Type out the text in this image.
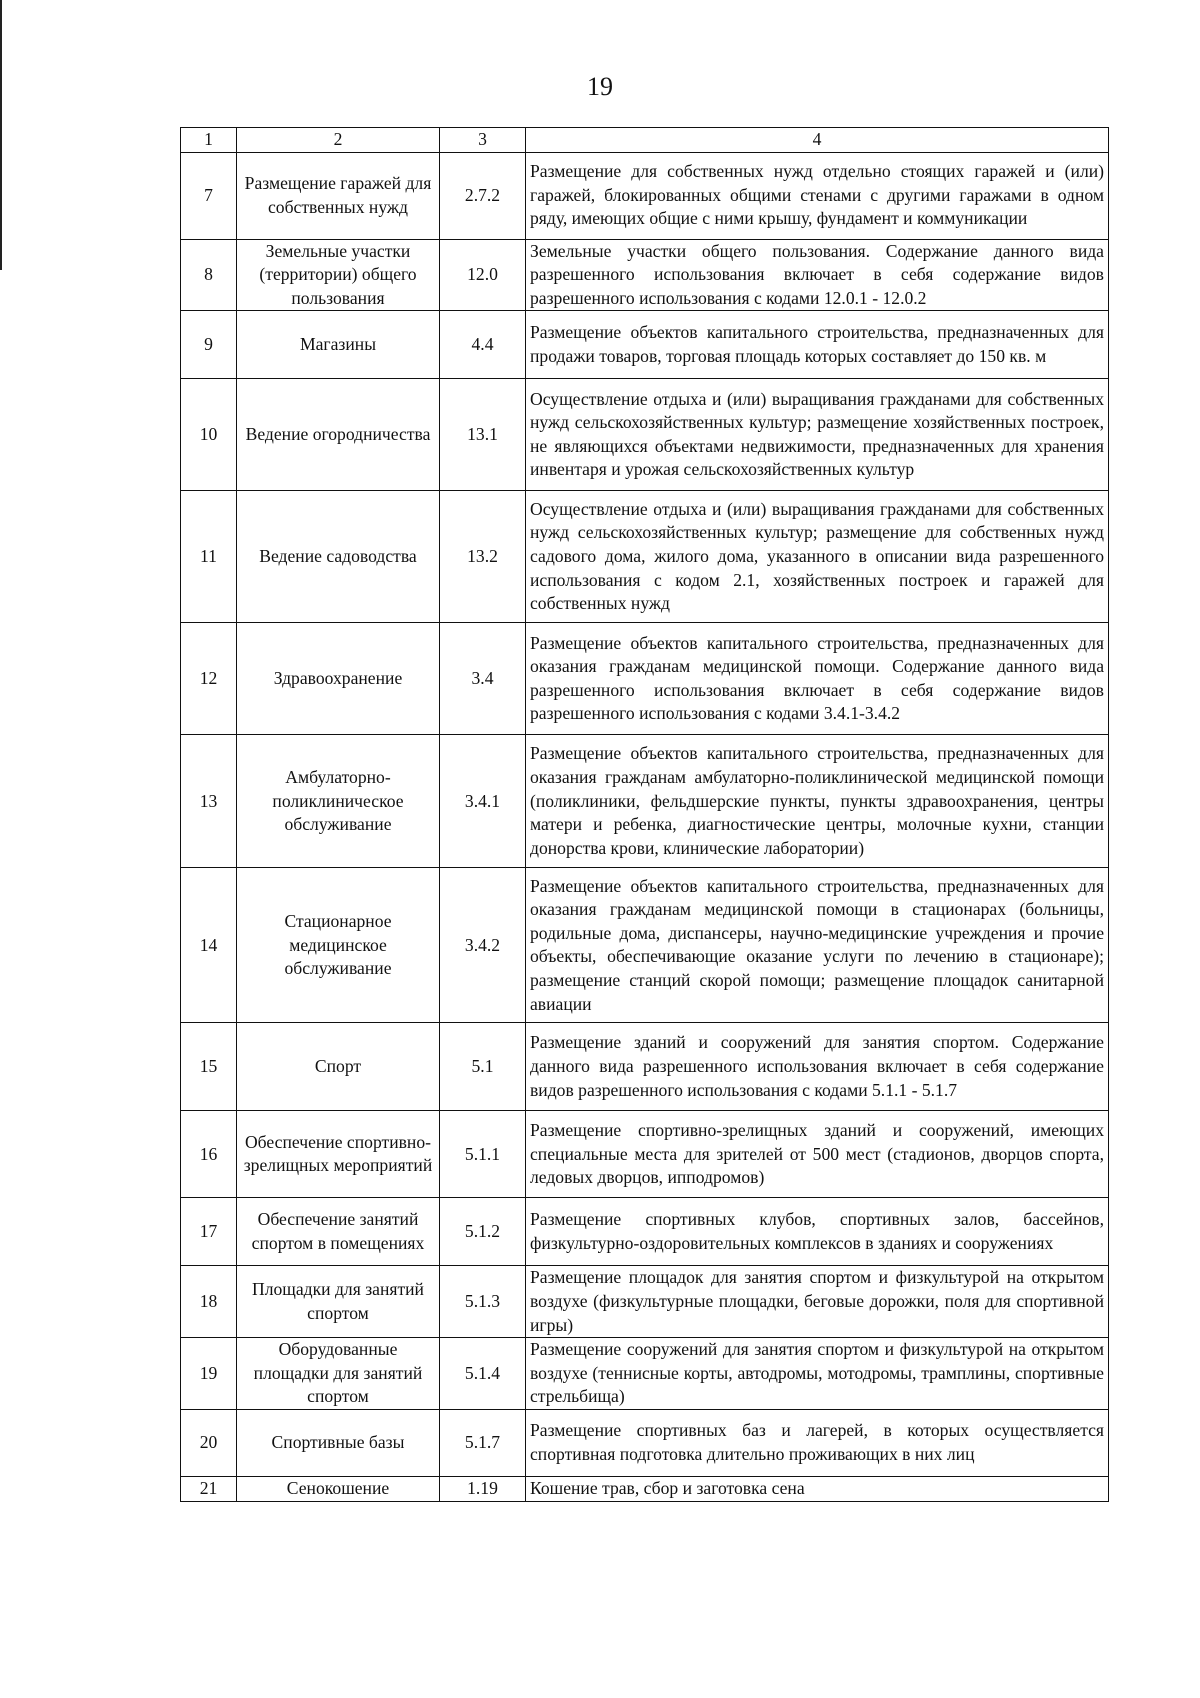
19
1	2	3	4
7	Размещение гаражей для собственных нужд	2.7.2	Размещение для собственных нужд отдельно стоящих гаражей и (или) гаражей, блокированных общими стенами с другими гаражами в одном ряду, имеющих общие с ними крышу, фундамент и коммуникации
8	Земельные участки (территории) общего пользования	12.0	Земельные участки общего пользования. Содержание данного вида разрешенного использования включает в себя содержание видов разрешенного использования с кодами 12.0.1 - 12.0.2
9	Магазины	4.4	Размещение объектов капитального строительства, предназначенных для продажи товаров, торговая площадь которых составляет до 150 кв. м
10	Ведение огородничества	13.1	Осуществление отдыха и (или) выращивания гражданами для собственных нужд сельскохозяйственных культур; размещение хозяйственных построек, не являющихся объектами недвижимости, предназначенных для хранения инвентаря и урожая сельскохозяйственных культур
11	Ведение садоводства	13.2	Осуществление отдыха и (или) выращивания гражданами для собственных нужд сельскохозяйственных культур; размещение для собственных нужд садового дома, жилого дома, указанного в описании вида разрешенного использования с кодом 2.1, хозяйственных построек и гаражей для собственных нужд
12	Здравоохранение	3.4	Размещение объектов капитального строительства, предназначенных для оказания гражданам медицинской помощи. Содержание данного вида разрешенного использования включает в себя содержание видов разрешенного использования с кодами 3.4.1-3.4.2
13	Амбулаторно-поликлиническое обслуживание	3.4.1	Размещение объектов капитального строительства, предназначенных для оказания гражданам амбулаторно-поликлинической медицинской помощи (поликлиники, фельдшерские пункты, пункты здравоохранения, центры матери и ребенка, диагностические центры, молочные кухни, станции донорства крови, клинические лаборатории)
14	Стационарное медицинское обслуживание	3.4.2	Размещение объектов капитального строительства, предназначенных для оказания гражданам медицинской помощи в стационарах (больницы, родильные дома, диспансеры, научно-медицинские учреждения и прочие объекты, обеспечивающие оказание услуги по лечению в стационаре); размещение станций скорой помощи; размещение площадок санитарной авиации
15	Спорт	5.1	Размещение зданий и сооружений для занятия спортом. Содержание данного вида разрешенного использования включает в себя содержание видов разрешенного использования с кодами 5.1.1 - 5.1.7
16	Обеспечение спортивно-зрелищных мероприятий	5.1.1	Размещение спортивно-зрелищных зданий и сооружений, имеющих специальные места для зрителей от 500 мест (стадионов, дворцов спорта, ледовых дворцов, ипподромов)
17	Обеспечение занятий спортом в помещениях	5.1.2	Размещение спортивных клубов, спортивных залов, бассейнов, физкультурно-оздоровительных комплексов в зданиях и сооружениях
18	Площадки для занятий спортом	5.1.3	Размещение площадок для занятия спортом и физкультурой на открытом воздухе (физкультурные площадки, беговые дорожки, поля для спортивной игры)
19	Оборудованные площадки для занятий спортом	5.1.4	Размещение сооружений для занятия спортом и физкультурой на открытом воздухе (теннисные корты, автодромы, мотодромы, трамплины, спортивные стрельбища)
20	Спортивные базы	5.1.7	Размещение спортивных баз и лагерей, в которых осуществляется спортивная подготовка длительно проживающих в них лиц
21	Сенокошение	1.19	Кошение трав, сбор и заготовка сена
